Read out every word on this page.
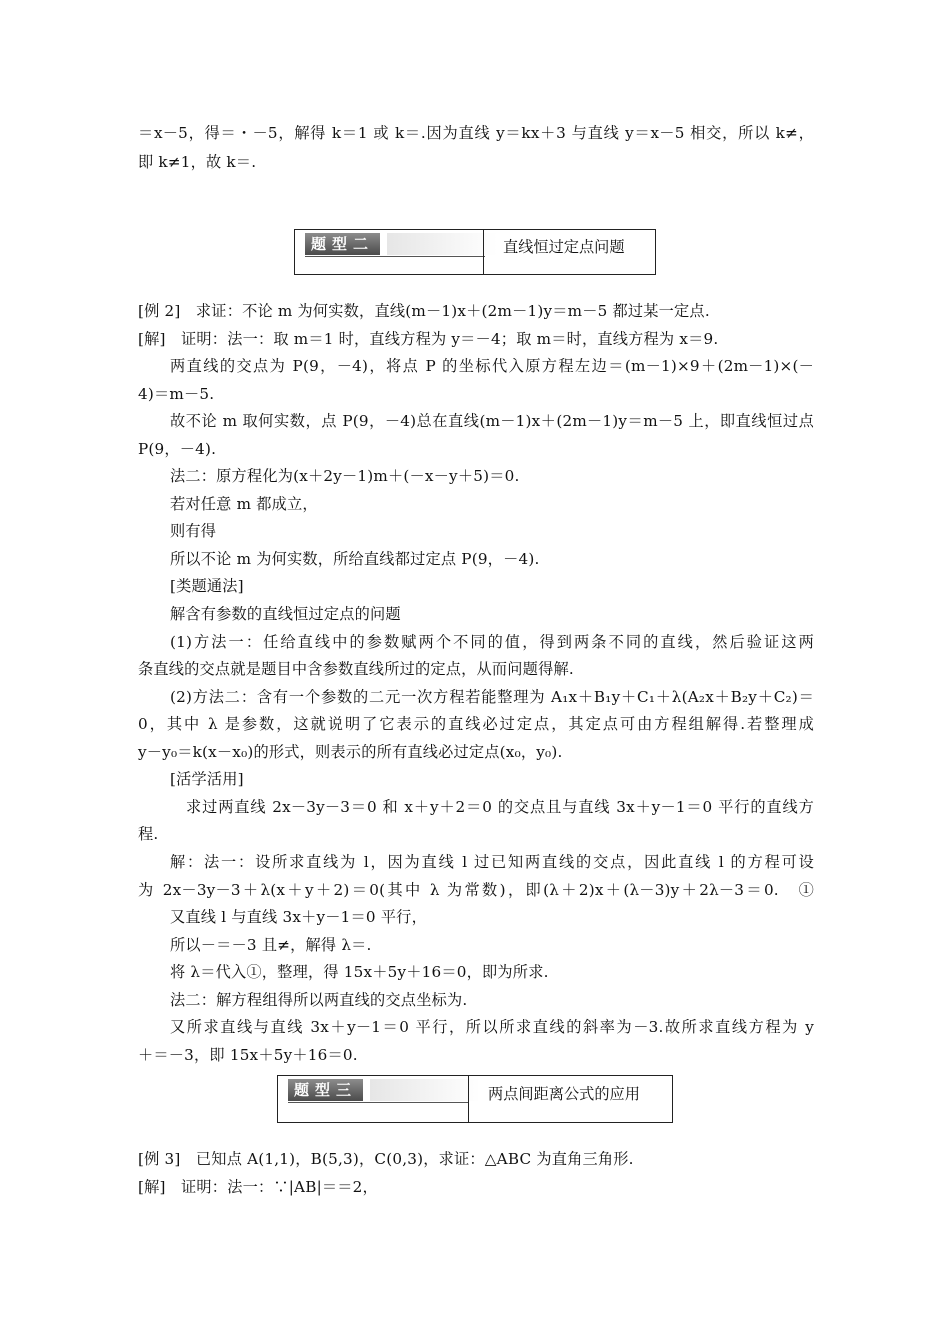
＝x－5，得＝・－5，解得 k＝1 或 k＝.因为直线 y＝kx＋3 与直线 y＝x－5 相交，所以 k≠，
即 k≠1，故 k＝.
题型二	直线恒过定点问题
[例 2]　求证：不论 m 为何实数，直线(m－1)x＋(2m－1)y＝m－5 都过某一定点.
[解]　证明：法一：取 m＝1 时，直线方程为 y＝－4；取 m＝时，直线方程为 x＝9.
两直线的交点为 P(9，－4)，将点 P 的坐标代入原方程左边＝(m－1)×9＋(2m－1)×(－
4)＝m－5.
故不论 m 取何实数，点 P(9，－4)总在直线(m－1)x＋(2m－1)y＝m－5 上，即直线恒过点
P(9，－4).
法二：原方程化为(x＋2y－1)m＋(－x－y＋5)＝0.
若对任意 m 都成立，
则有得
所以不论 m 为何实数，所给直线都过定点 P(9，－4).
[类题通法]
解含有参数的直线恒过定点的问题
(1)方法一：任给直线中的参数赋两个不同的值，得到两条不同的直线，然后验证这两
条直线的交点就是题目中含参数直线所过的定点，从而问题得解.
(2)方法二：含有一个参数的二元一次方程若能整理为 A₁x＋B₁y＋C₁＋λ(A₂x＋B₂y＋C₂)＝
0，其中 λ 是参数，这就说明了它表示的直线必过定点，其定点可由方程组解得.若整理成
y－y₀＝k(x－x₀)的形式，则表示的所有直线必过定点(x₀，y₀).
[活学活用]
求过两直线 2x－3y－3＝0 和 x＋y＋2＝0 的交点且与直线 3x＋y－1＝0 平行的直线方
程.
解：法一：设所求直线为 l，因为直线 l 过已知两直线的交点，因此直线 l 的方程可设
为 2x－3y－3＋λ(x＋y＋2)＝0(其中 λ 为常数)，即(λ＋2)x＋(λ－3)y＋2λ－3＝0.　①
又直线 l 与直线 3x＋y－1＝0 平行，
所以－＝－3 且≠，解得 λ＝.
将 λ＝代入①，整理，得 15x＋5y＋16＝0，即为所求.
法二：解方程组得所以两直线的交点坐标为.
又所求直线与直线 3x＋y－1＝0 平行，所以所求直线的斜率为－3.故所求直线方程为 y
＋＝－3，即 15x＋5y＋16＝0.
题型三	两点间距离公式的应用
[例 3]　已知点 A(1,1)，B(5,3)，C(0,3)，求证：△ABC 为直角三角形.
[解]　证明：法一：∵|AB|＝＝2，
